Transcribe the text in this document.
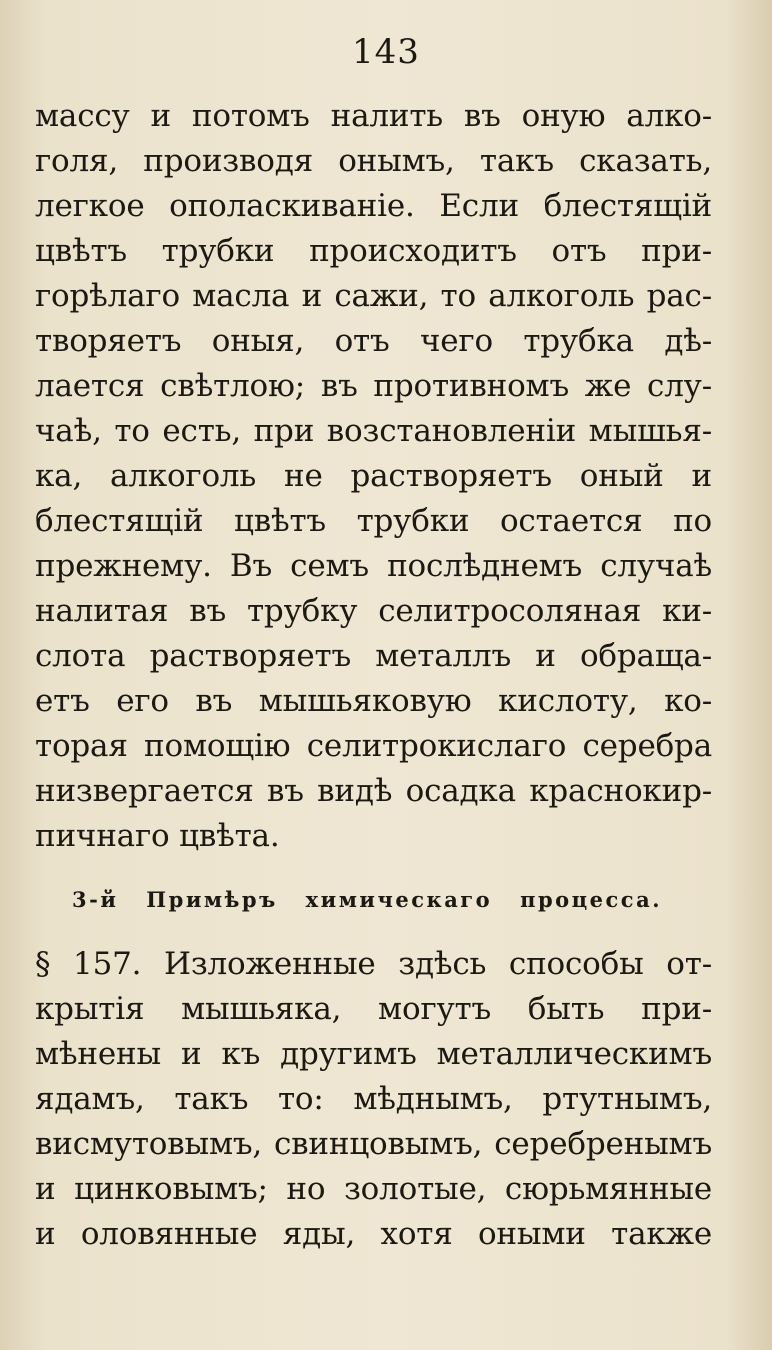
143
массу и потомъ налить въ оную алко-
голя, производя онымъ, такъ сказать,
легкое ополаскиваніе. Если блестящій
цвѣтъ трубки происходитъ отъ при-
горѣлаго масла и сажи, то алкоголь рас-
творяетъ оныя, отъ чего трубка дѣ-
лается свѣтлою; въ противномъ же слу-
чаѣ, то есть, при возстановленіи мышья-
ка, алкоголь не растворяетъ оный и
блестящій цвѣтъ трубки остается по
прежнему. Въ семъ послѣднемъ случаѣ
налитая въ трубку селитросоляная ки-
слота растворяетъ металлъ и обраща-
етъ его въ мышьяковую кислоту, ко-
торая помощію селитрокислаго серебра
низвергается въ видѣ осадка краснокир-
пичнаго цвѣта.
3-й Примѣръ химическаго процесса.
§ 157. Изложенные здѣсь способы от-
крытія мышьяка, могутъ быть при-
мѣнены и къ другимъ металлическимъ
ядамъ, такъ то: мѣднымъ, ртутнымъ,
висмутовымъ, свинцовымъ, серебренымъ
и цинковымъ; но золотые, сюрьмянные
и оловянные яды, хотя оными также
